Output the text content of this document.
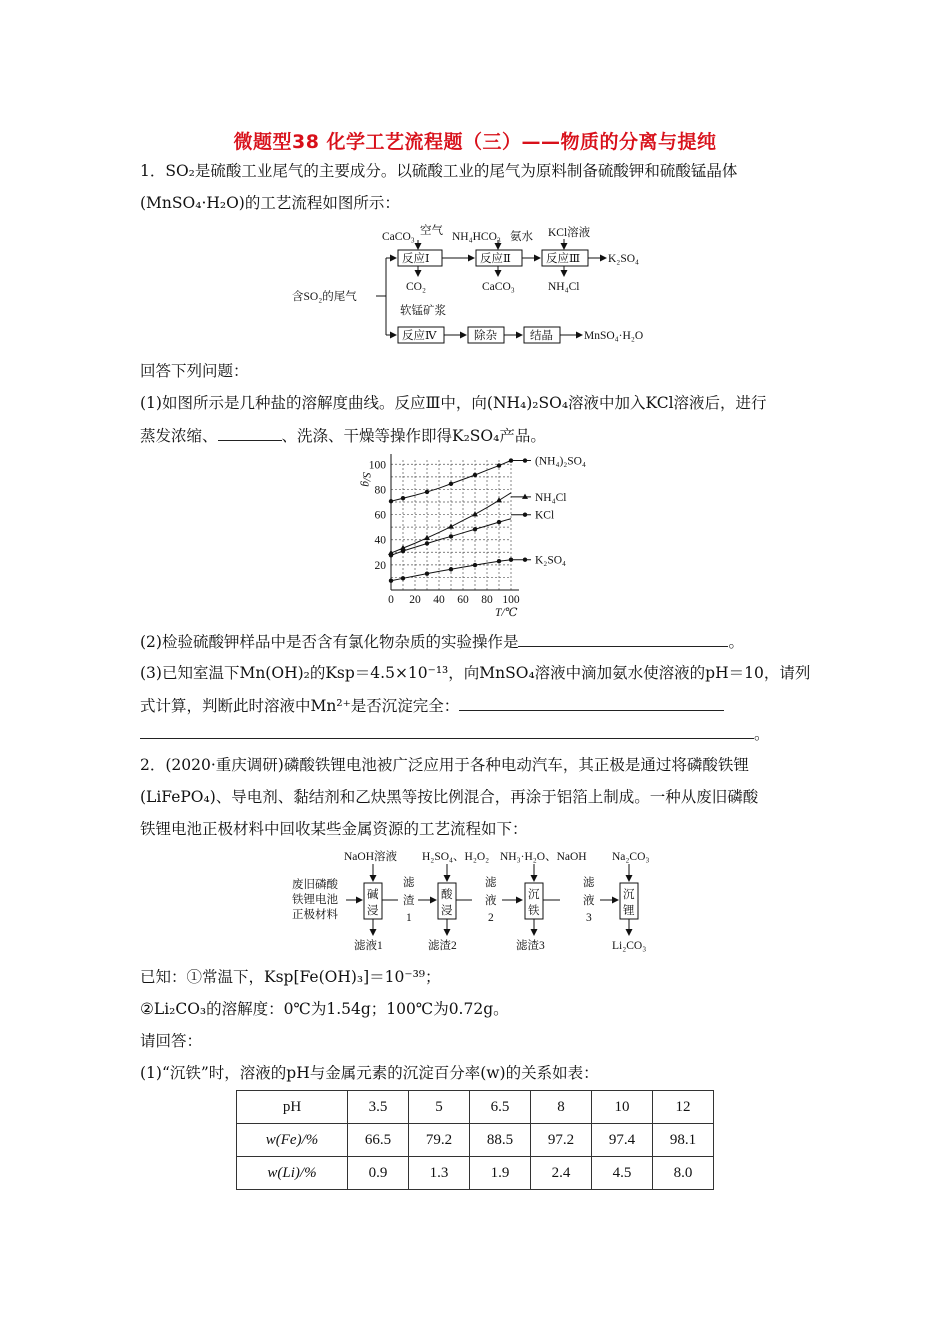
微题型38 化学工艺流程题（三）——物质的分离与提纯
1．SO₂是硫酸工业尾气的主要成分。以硫酸工业的尾气为原料制备硫酸钾和硫酸锰晶体
(MnSO₄·H₂O)的工艺流程如图所示：
含SO₂的尾气
反应Ⅰ
CaCO₃ 空气
CO₂
反应Ⅱ
NH₄HCO₃ 氨水
CaCO₃
反应Ⅲ
KCl溶液
NH₄Cl
K₂SO₄
软锰矿浆
反应Ⅳ	除杂	结晶	MnSO₄·H₂O
回答下列问题：
(1)如图所示是几种盐的溶解度曲线。反应Ⅲ中，向(NH₄)₂SO₄溶液中加入KCl溶液后，进行
蒸发浓缩、	、洗涤、干燥等操作即得K₂SO₄产品。
20
40
60
80
100
0 20 40 60 80 100
S/g
T/℃
(NH₄)₂SO₄
NH₄Cl
KCl
K₂SO₄
(2)检验硫酸钾样品中是否含有氯化物杂质的实验操作是	。
(3)已知室温下Mn(OH)₂的Ksp＝4.5×10⁻¹³，向MnSO₄溶液中滴加氨水使溶液的pH＝10，请列
式计算，判断此时溶液中Mn²⁺是否沉淀完全：
。
2．(2020·重庆调研)磷酸铁锂电池被广泛应用于各种电动汽车，其正极是通过将磷酸铁锂
(LiFePO₄)、导电剂、黏结剂和乙炔黑等按比例混合，再涂于铝箔上制成。一种从废旧磷酸
铁锂电池正极材料中回收某些金属资源的工艺流程如下：
废旧磷酸
铁锂电池
正极材料
NaOH溶液
碱
浸
滤液1
滤
渣
1
H₂SO₄、H₂O₂
酸
浸
滤渣2
滤
液
2
NH₃·H₂O、NaOH
沉
铁
滤渣3
滤
液
3
Na₂CO₃
沉
锂
Li₂CO₃
已知：①常温下，Ksp[Fe(OH)₃]＝10⁻³⁹；
②Li₂CO₃的溶解度：0℃为1.54g；100℃为0.72g。
请回答：
(1)“沉铁”时，溶液的pH与金属元素的沉淀百分率(w)的关系如表：
pH	3.5	5	6.5	8	10	12
w(Fe)/%	66.5	79.2	88.5	97.2	97.4	98.1
w(Li)/%	0.9	1.3	1.9	2.4	4.5	8.0
